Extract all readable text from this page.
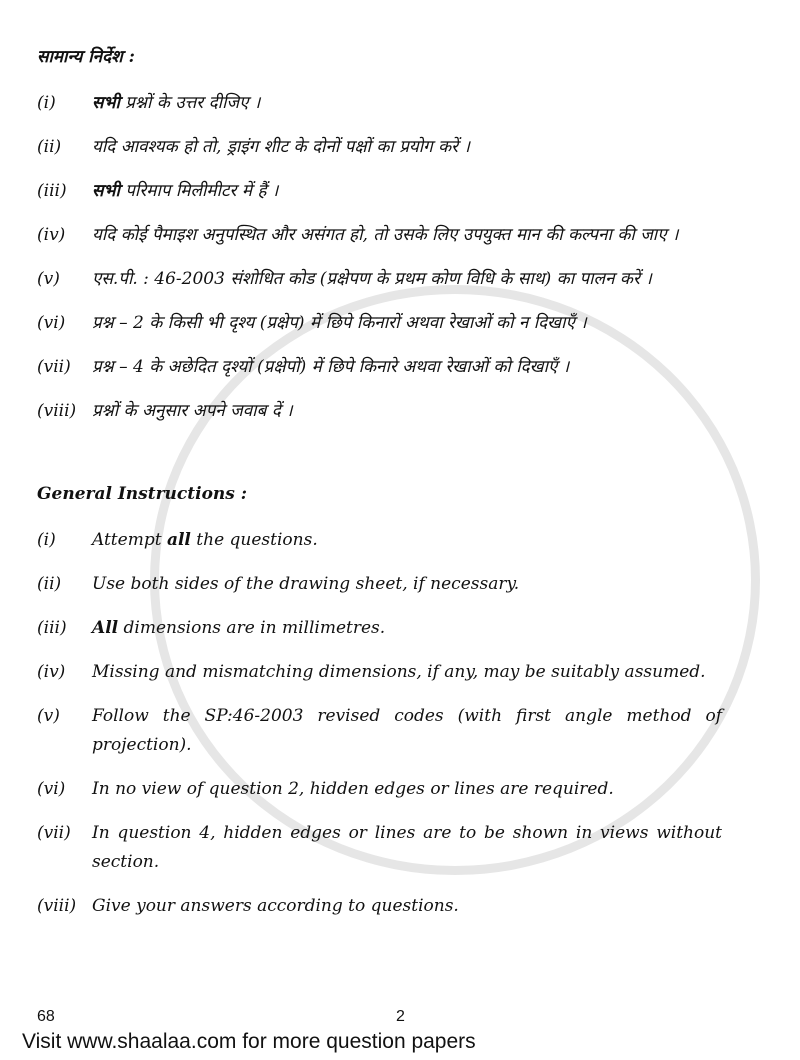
सामान्य निर्देश :
(i)	सभी प्रश्नों के उत्तर दीजिए ।
(ii)	यदि आवश्यक हो तो, ड्राइंग शीट के दोनों पक्षों का प्रयोग करें ।
(iii)	सभी परिमाप मिलीमीटर में हैं ।
(iv)	यदि कोई पैमाइश अनुपस्थित और असंगत हो, तो उसके लिए उपयुक्त मान की कल्पना की जाए ।
(v)	एस.पी. : 46-2003 संशोधित कोड (प्रक्षेपण के प्रथम कोण विधि के साथ) का पालन करें ।
(vi)	प्रश्न – 2 के किसी भी दृश्य (प्रक्षेप) में छिपे किनारों अथवा रेखाओं को न दिखाएँ ।
(vii)	प्रश्न – 4 के अछेदित दृश्यों (प्रक्षेपों) में छिपे किनारे अथवा रेखाओं को दिखाएँ ।
(viii) प्रश्नों के अनुसार अपने जवाब दें ।
General Instructions :
(i)	Attempt all the questions.
(ii)	Use both sides of the drawing sheet, if necessary.
(iii)	All dimensions are in millimetres.
(iv)	Missing and mismatching dimensions, if any, may be suitably assumed.
(v)	Follow the SP:46-2003 revised codes (with first angle method of projection).
(vi)	In no view of question 2, hidden edges or lines are required.
(vii)	In question 4, hidden edges or lines are to be shown in views without section.
(viii) Give your answers according to questions.
68	2
Visit www.shaalaa.com for more question papers
